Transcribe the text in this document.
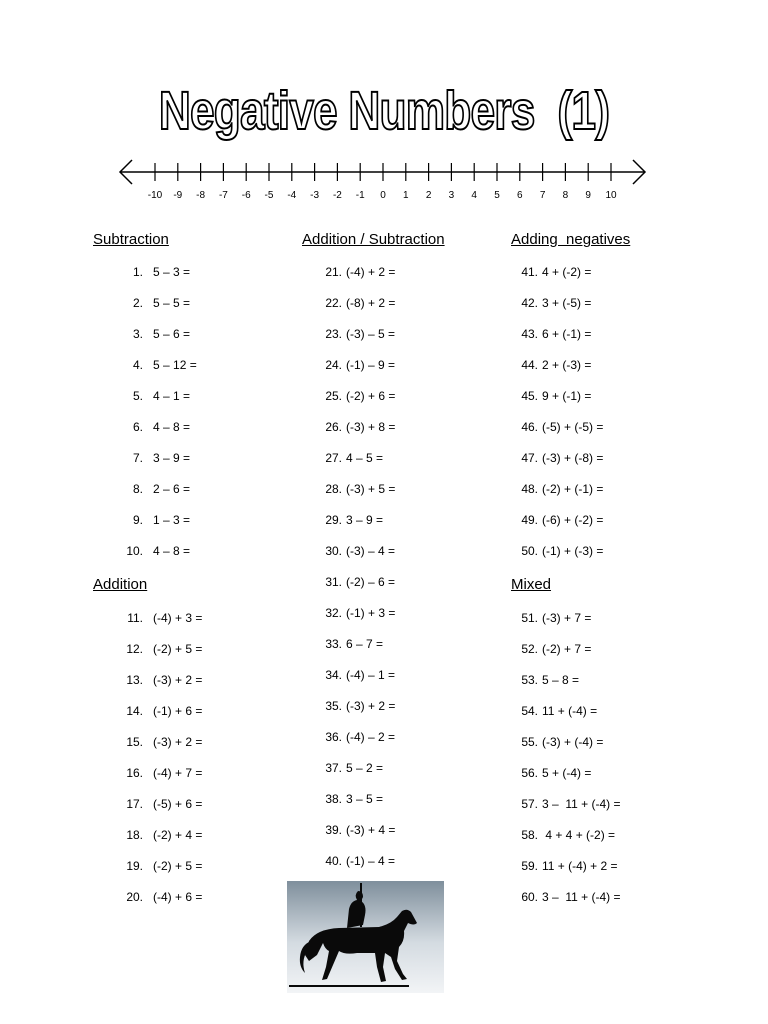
Negative Numbers  (1)
-10 -9 -8 -7 -6 -5 -4 -3 -2 -1 0 1 2 3 4 5 6 7 8 9 10
Subtraction
1. 5 – 3 =
2. 5 – 5 =
3. 5 – 6 =
4. 5 – 12 =
5. 4 – 1 =
6. 4 – 8 =
7. 3 – 9 =
8. 2 – 6 =
9. 1 – 3 =
10. 4 – 8 =
Addition
11. (-4) + 3 =
12. (-2) + 5 =
13. (-3) + 2 =
14. (-1) + 6 =
15. (-3) + 2 =
16. (-4) + 7 =
17. (-5) + 6 =
18. (-2) + 4 =
19. (-2) + 5 =
20. (-4) + 6 =
Addition / Subtraction
21. (-4) + 2 =
22. (-8) + 2 =
23. (-3) – 5 =
24. (-1) – 9 =
25. (-2) + 6 =
26. (-3) + 8 =
27. 4 – 5 =
28. (-3) + 5 =
29. 3 – 9 =
30. (-3) – 4 =
31. (-2) – 6 =
32. (-1) + 3 =
33. 6 – 7 =
34. (-4) – 1 =
35. (-3) + 2 =
36. (-4) – 2 =
37. 5 – 2 =
38. 3 – 5 =
39. (-3) + 4 =
40. (-1) – 4 =
Adding  negatives
41. 4 + (-2) =
42. 3 + (-5) =
43. 6 + (-1) =
44. 2 + (-3) =
45. 9 + (-1) =
46. (-5) + (-5) =
47. (-3) + (-8) =
48. (-2) + (-1) =
49. (-6) + (-2) =
50. (-1) + (-3) =
Mixed
51. (-3) + 7 =
52. (-2) + 7 =
53. 5 – 8 =
54. 11 + (-4) =
55. (-3) + (-4) =
56. 5 + (-4) =
57. 3 –  11 + (-4) =
58. 4 + 4 + (-2) =
59. 11 + (-4) + 2 =
60. 3 –  11 + (-4) =
